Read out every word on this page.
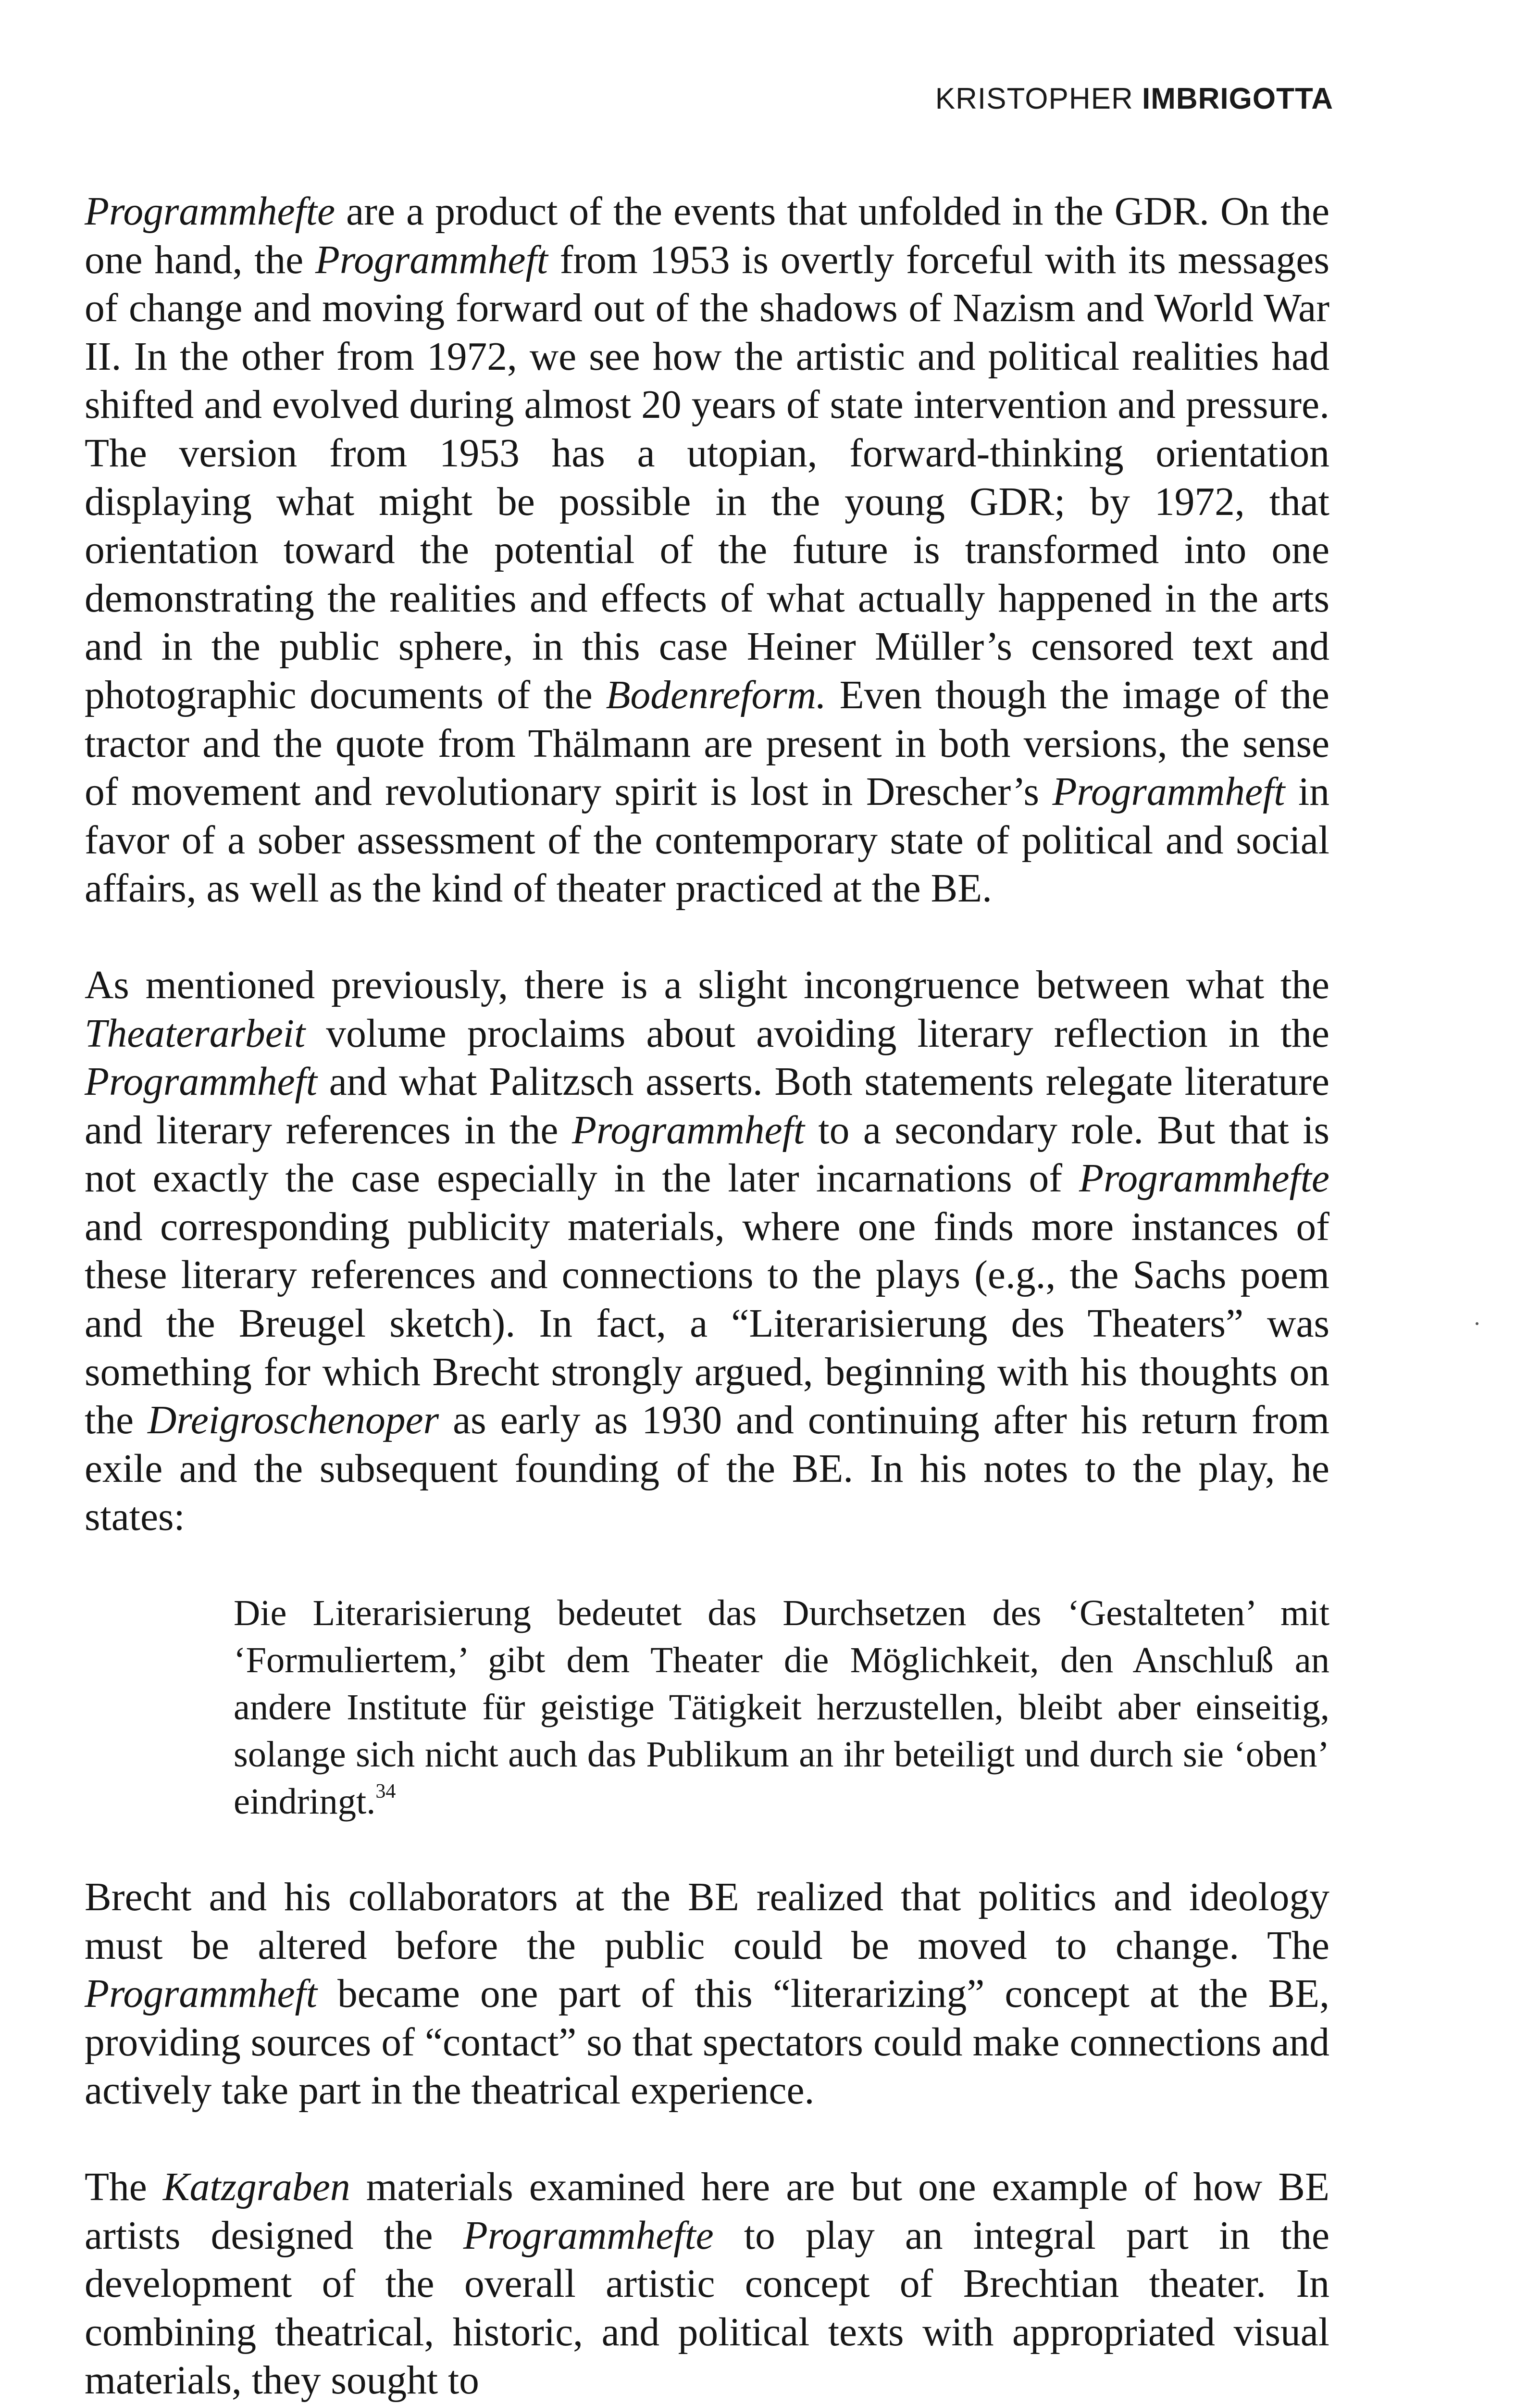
KRISTOPHER IMBRIGOTTA

Programmhefte are a product of the events that unfolded in the GDR. On the one hand, the Programmheft from 1953 is overtly forceful with its messages of change and moving forward out of the shadows of Nazism and World War II. In the other from 1972, we see how the artistic and political realities had shifted and evolved during almost 20 years of state intervention and pressure. The version from 1953 has a utopian, forward-thinking orientation displaying what might be possible in the young GDR; by 1972, that orientation toward the potential of the future is transformed into one demonstrating the realities and effects of what actually happened in the arts and in the public sphere, in this case Heiner Müller’s censored text and photographic documents of the Bodenreform. Even though the image of the tractor and the quote from Thälmann are present in both versions, the sense of movement and revolutionary spirit is lost in Drescher’s Programmheft in favor of a sober assessment of the contemporary state of political and social affairs, as well as the kind of theater practiced at the BE.

As mentioned previously, there is a slight incongruence between what the Theaterarbeit volume proclaims about avoiding literary reflection in the Programmheft and what Palitzsch asserts. Both statements relegate literature and literary references in the Programmheft to a secondary role. But that is not exactly the case especially in the later incarnations of Programmhefte and corresponding publicity materials, where one finds more instances of these literary references and connections to the plays (e.g., the Sachs poem and the Breugel sketch). In fact, a “Literarisierung des Theaters” was something for which Brecht strongly argued, beginning with his thoughts on the Dreigroschenoper as early as 1930 and continuing after his return from exile and the subsequent founding of the BE. In his notes to the play, he states:

Die Literarisierung bedeutet das Durchsetzen des ‘Gestalteten’ mit ‘Formuliertem,’ gibt dem Theater die Möglichkeit, den Anschluß an andere Institute für geistige Tätigkeit herzustellen, bleibt aber einseitig, solange sich nicht auch das Publikum an ihr beteiligt und durch sie ‘oben’ eindringt.$^{34}$

Brecht and his collaborators at the BE realized that politics and ideology must be altered before the public could be moved to change. The Programmheft became one part of this “literarizing” concept at the BE, providing sources of “contact” so that spectators could make connections and actively take part in the theatrical experience.

The Katzgraben materials examined here are but one example of how BE artists designed the Programmhefte to play an integral part in the development of the overall artistic concept of Brechtian theater. In combining theatrical, historic, and political texts with appropriated visual materials, they sought to
